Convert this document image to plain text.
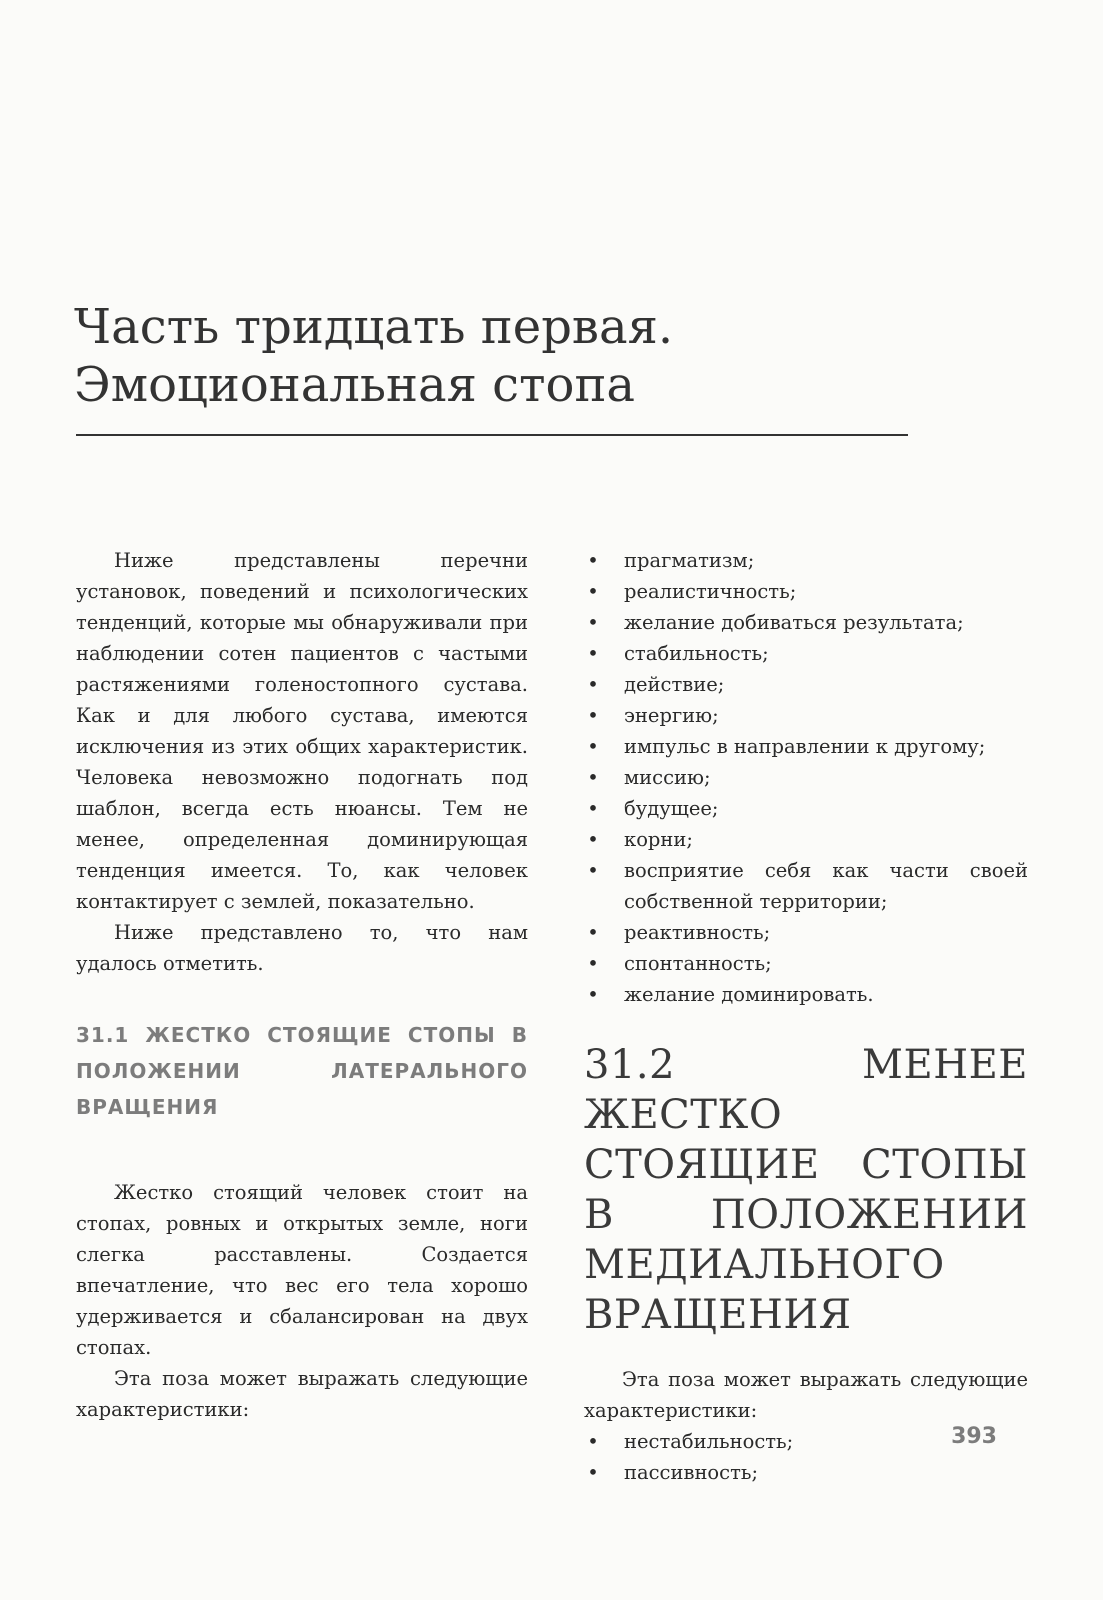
Часть тридцать первая.
Эмоциональная стопа

Ниже представлены перечни установок, поведений и психологических тенденций, которые мы обнаруживали при наблюдении сотен пациентов с частыми растяжениями голеностопного сустава. Как и для любого сустава, имеются исключения из этих общих характеристик. Человека невозможно подогнать под шаблон, всегда есть нюансы. Тем не менее, определенная доминирующая тенденция имеется. То, как человек контактирует с землей, показательно.

Ниже представлено то, что нам удалось отметить.

31.1 ЖЕСТКО СТОЯЩИЕ СТОПЫ В ПОЛОЖЕНИИ ЛАТЕРАЛЬНОГО ВРАЩЕНИЯ

Жестко стоящий человек стоит на стопах, ровных и открытых земле, ноги слегка расставлены. Создается впечатление, что вес его тела хорошо удерживается и сбалансирован на двух стопах.

Эта поза может выражать следующие характеристики:

• прагматизм;
• реалистичность;
• желание добиваться результата;
• стабильность;
• действие;
• энергию;
• импульс в направлении к другому;
• миссию;
• будущее;
• корни;
• восприятие себя как части своей собственной территории;
• реактивность;
• спонтанность;
• желание доминировать.
31.2 МЕНЕЕ ЖЕСТКО СТОЯЩИЕ СТОПЫ В ПОЛОЖЕНИИ МЕДИАЛЬНОГО ВРАЩЕНИЯ

Эта поза может выражать следующие характеристики:

• нестабильность;
• пассивность;
393
